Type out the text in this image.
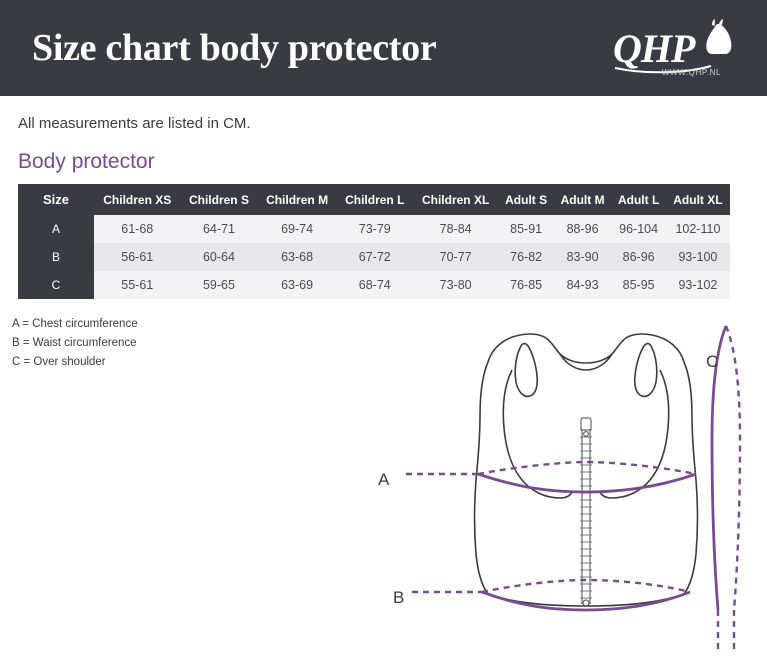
Size chart body protector	QHP
WWW.QHP.NL
All measurements are listed in CM.
Body protector
Size	Children XS	Children S	Children M	Children L	Children XL	Adult S	Adult M	Adult L	Adult XL
A	61-68	64-71	69-74	73-79	78-84	85-91	88-96	96-104	102-110
B	56-61	60-64	63-68	67-72	70-77	76-82	83-90	86-96	93-100
C	55-61	59-65	63-69	68-74	73-80	76-85	84-93	85-95	93-102
A = Chest circumference
B = Waist circumference
C = Over shoulder
A
B
C
